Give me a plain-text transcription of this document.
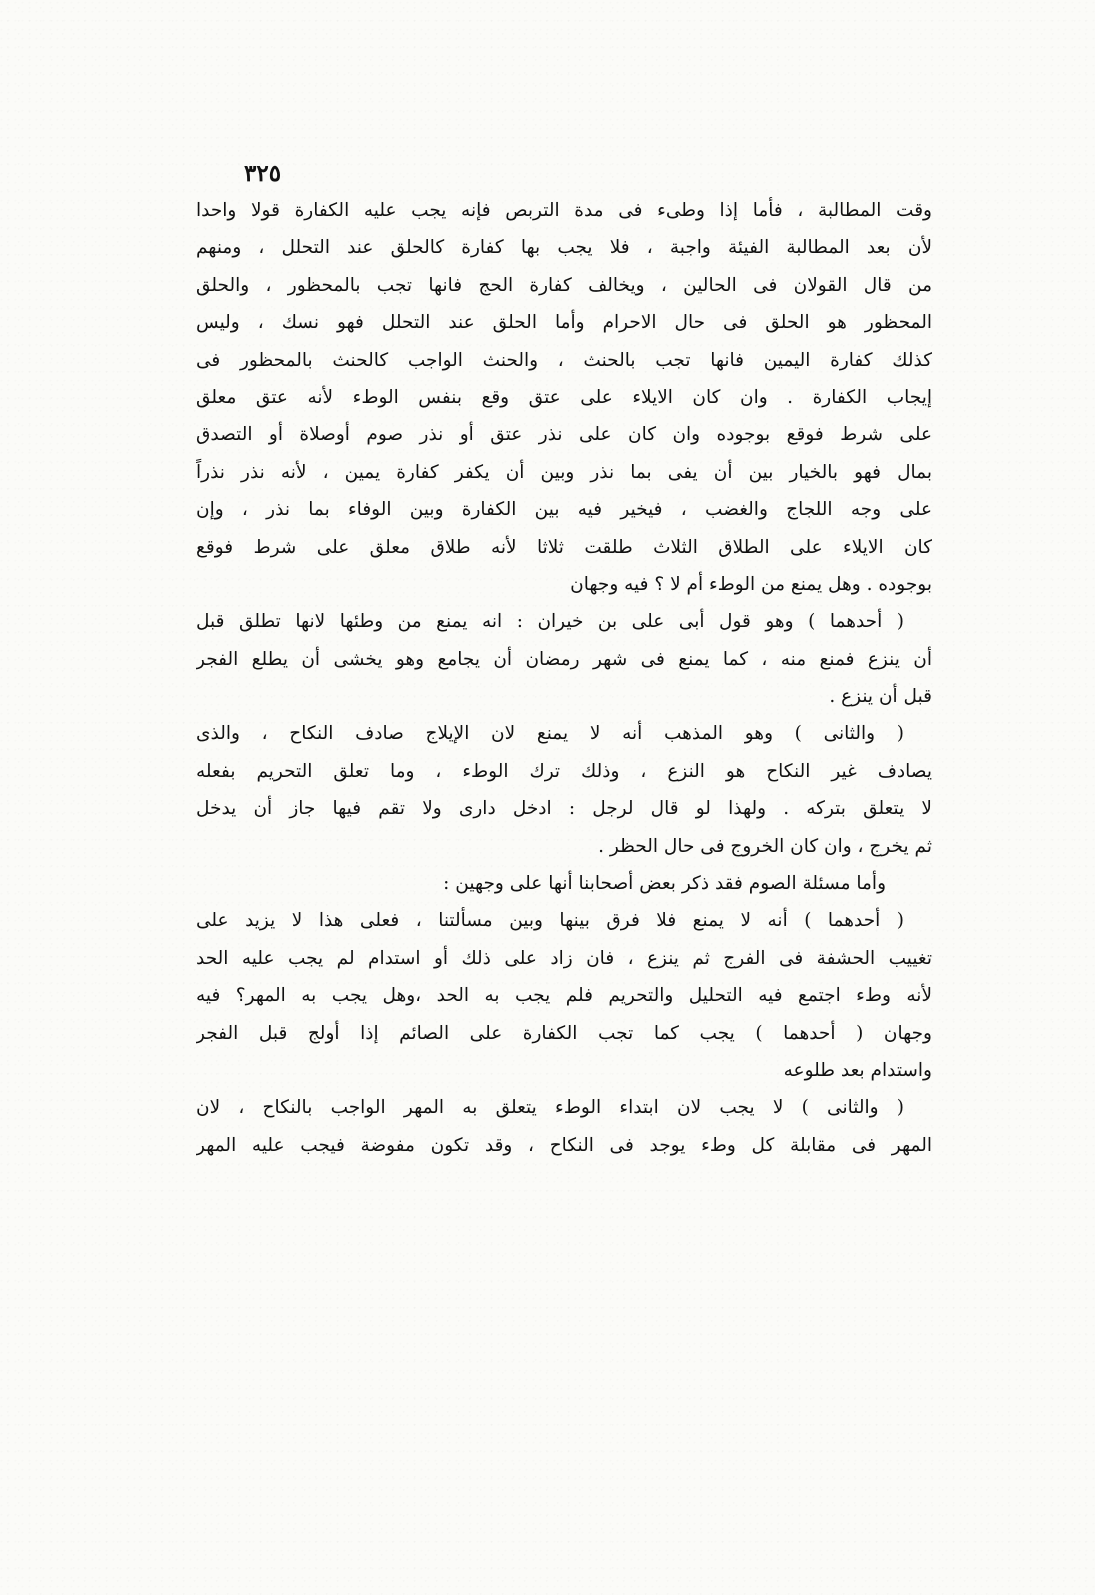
٣٢٥
وقت المطالبة ، فأما إذا وطىء فى مدة التربص فإنه يجب عليه الكفارة قولا واحدا
لأن بعد المطالبة الفيئة واجبة ، فلا يجب بها كفارة كالحلق عند التحلل ، ومنهم
من قال القولان فى الحالين ، ويخالف كفارة الحج فانها تجب بالمحظور ، والحلق
المحظور هو الحلق فى حال الاحرام وأما الحلق عند التحلل فهو نسك ، وليس
كذلك كفارة اليمين فانها تجب بالحنث ، والحنث الواجب كالحنث بالمحظور فى
إيجاب الكفارة . وان كان الايلاء على عتق وقع بنفس الوطء لأنه عتق معلق
على شرط فوقع بوجوده وان كان على نذر عتق أو نذر صوم أوصلاة أو التصدق
بمال فهو بالخيار بين أن يفى بما نذر وبين أن يكفر كفارة يمين ، لأنه نذر نذراً
على وجه اللجاج والغضب ، فيخير فيه بين الكفارة وبين الوفاء بما نذر ، وإن
كان الايلاء على الطلاق الثلاث طلقت ثلاثا لأنه طلاق معلق على شرط فوقع
بوجوده . وهل يمنع من الوطء أم لا ؟ فيه وجهان
( أحدهما ) وهو قول أبى على بن خيران : انه يمنع من وطئها لانها تطلق قبل
أن ينزع فمنع منه ، كما يمنع فى شهر رمضان أن يجامع وهو يخشى أن يطلع الفجر
قبل أن ينزع .
( والثانى ) وهو المذهب أنه لا يمنع لان الإيلاج صادف النكاح ، والذى
يصادف غير النكاح هو النزع ، وذلك ترك الوطء ، وما تعلق التحريم بفعله
لا يتعلق بتركه . ولهذا لو قال لرجل : ادخل دارى ولا تقم فيها جاز أن يدخل
ثم يخرج ، وان كان الخروج فى حال الحظر .
وأما مسئلة الصوم فقد ذكر بعض أصحابنا أنها على وجهين :
( أحدهما ) أنه لا يمنع فلا فرق بينها وبين مسألتنا ، فعلى هذا لا يزيد على
تغييب الحشفة فى الفرج ثم ينزع ، فان زاد على ذلك أو استدام لم يجب عليه الحد
لأنه وطء اجتمع فيه التحليل والتحريم فلم يجب به الحد ،وهل يجب به المهر؟ فيه
وجهان ( أحدهما ) يجب كما تجب الكفارة على الصائم إذا أولج قبل الفجر
واستدام بعد طلوعه
( والثانى ) لا يجب لان ابتداء الوطء يتعلق به المهر الواجب بالنكاح ، لان
المهر فى مقابلة كل وطء يوجد فى النكاح ، وقد تكون مفوضة فيجب عليه المهر
